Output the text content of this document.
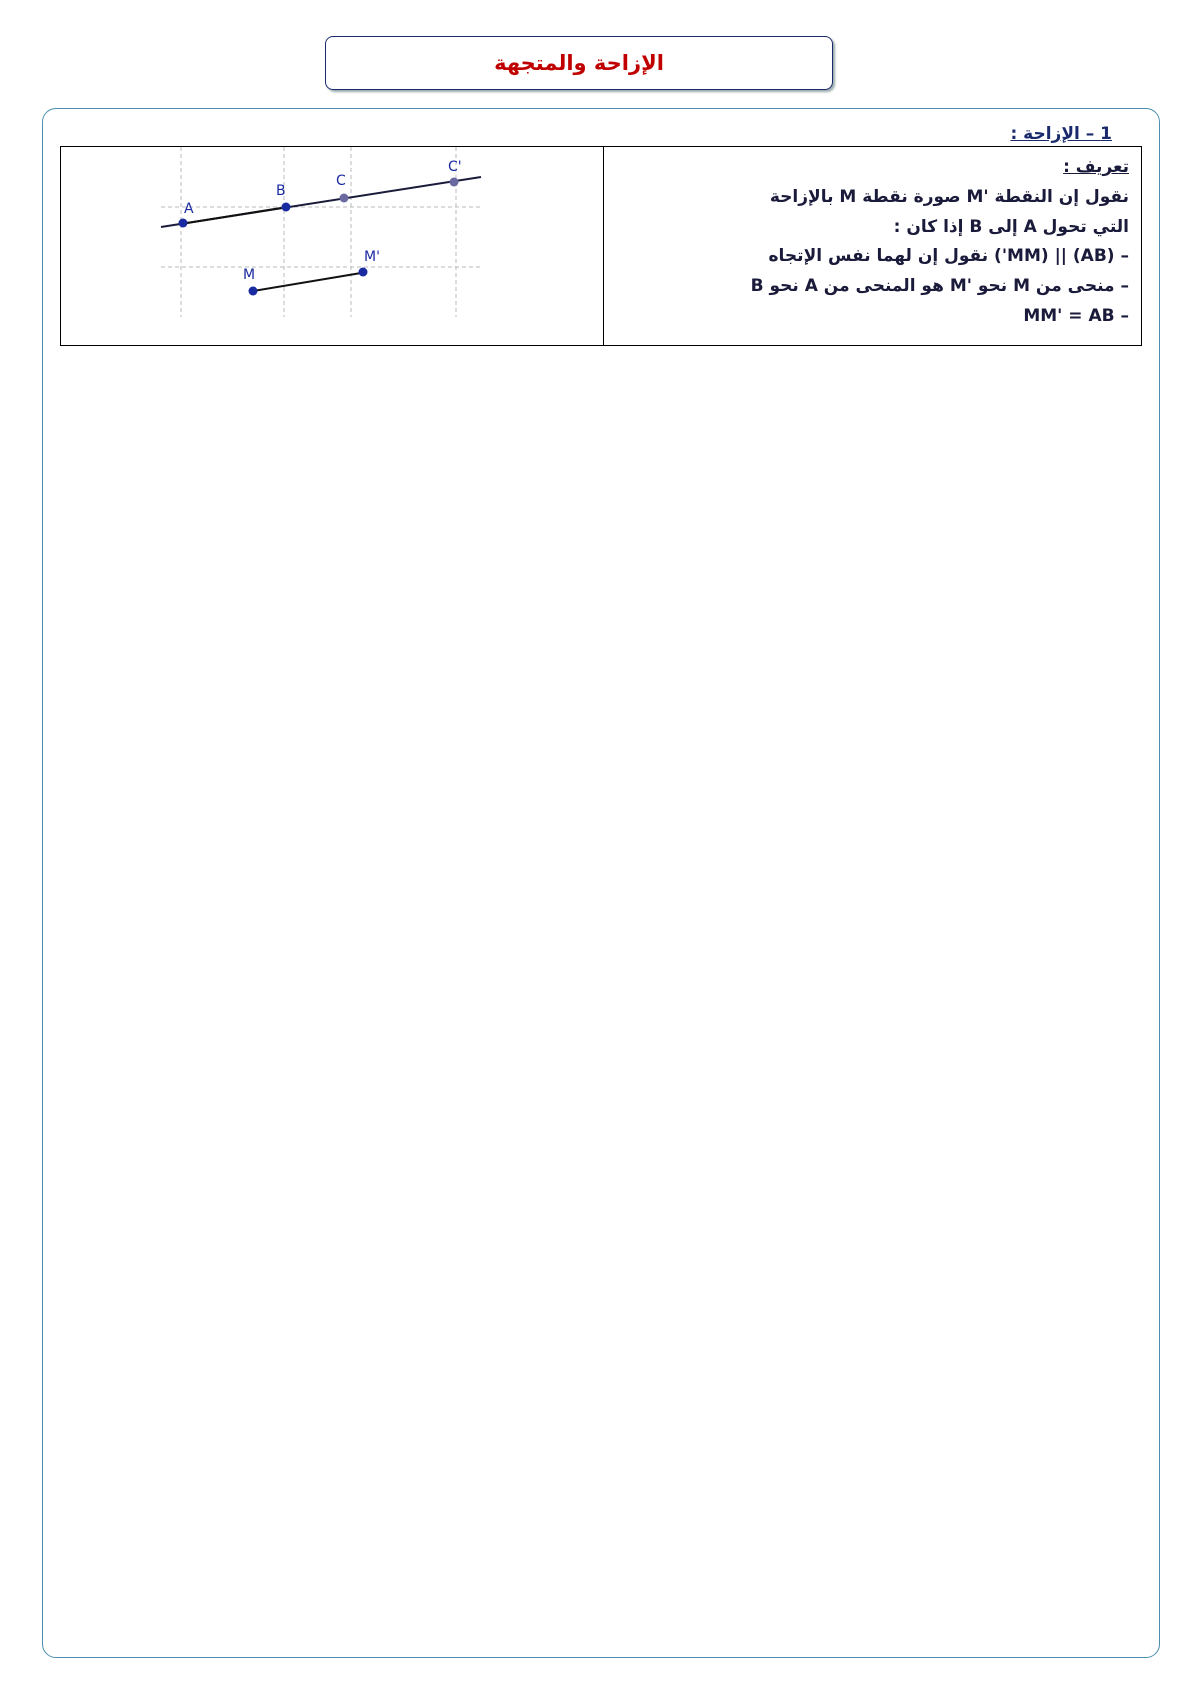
الإزاحة والمتجهة
1 – الإزاحة :
A
B
C
C'
M
M'

تعريف :
نقول إن النقطة 'M صورة نقطة M بالإزاحة
التي تحول A إلى B إذا كان :
– (AB) || (MM') نقول إن لهما نفس الإتجاه
– منحى من M نحو 'M هو المنحى من A نحو B
– MM' = AB
